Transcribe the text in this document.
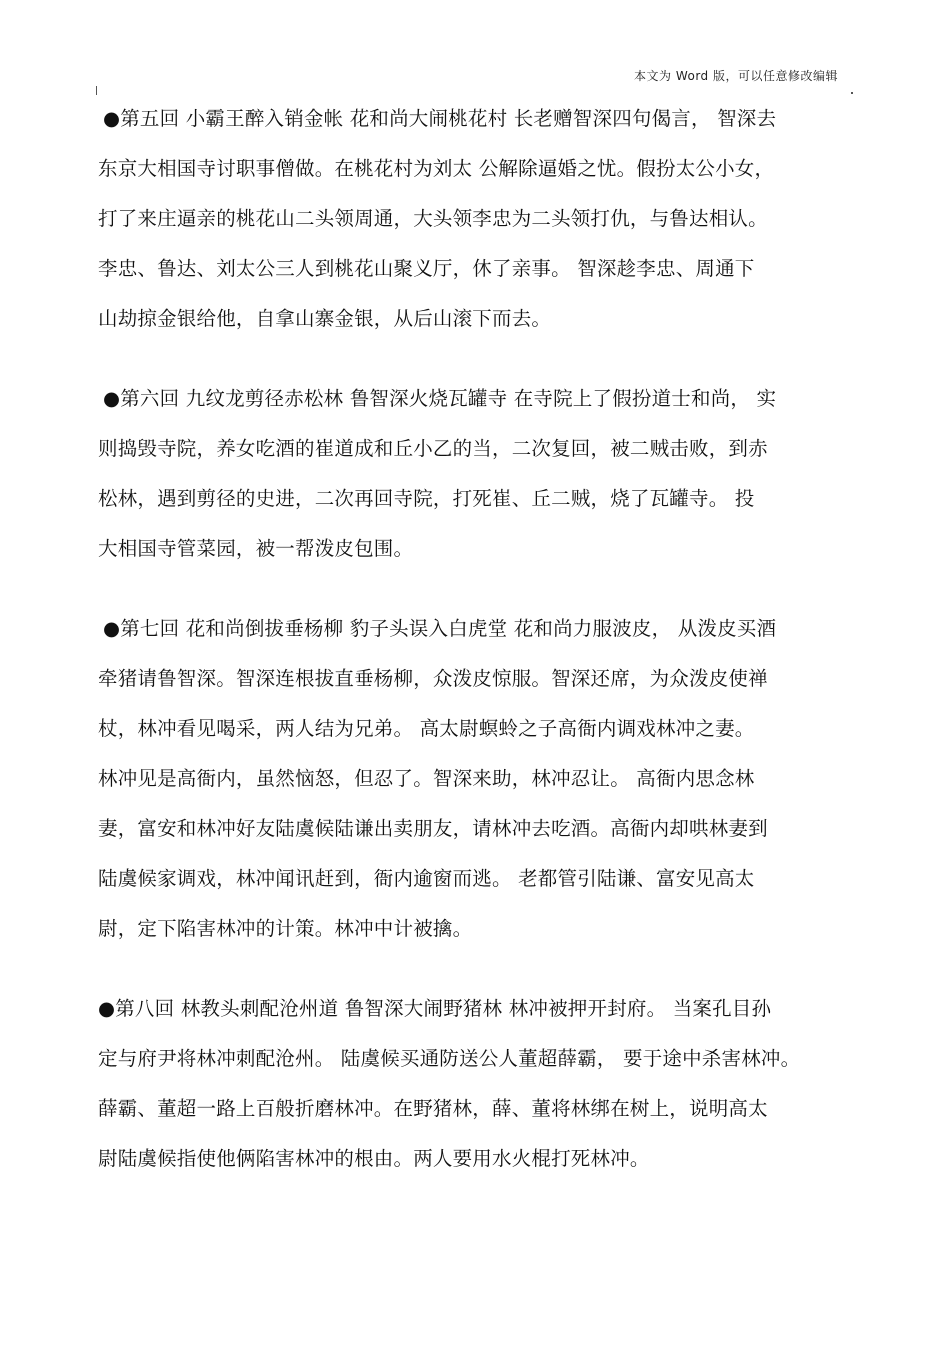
本文为 Word 版，可以任意修改编辑
●第五回 小霸王醉入销金帐 花和尚大闹桃花村 长老赠智深四句偈言， 智深去
东京大相国寺讨职事僧做。在桃花村为刘太 公解除逼婚之忧。假扮太公小女，
打了来庄逼亲的桃花山二头领周通，大头领李忠为二头领打仇，与鲁达相认。
李忠、鲁达、刘太公三人到桃花山聚义厅，休了亲事。 智深趁李忠、周通下
山劫掠金银给他，自拿山寨金银，从后山滚下而去。
●第六回 九纹龙剪径赤松林 鲁智深火烧瓦罐寺 在寺院上了假扮道士和尚， 实
则捣毁寺院，养女吃酒的崔道成和丘小乙的当，二次复回，被二贼击败，到赤
松林，遇到剪径的史进，二次再回寺院，打死崔、丘二贼，烧了瓦罐寺。 投
大相国寺管菜园，被一帮泼皮包围。
●第七回 花和尚倒拔垂杨柳 豹子头误入白虎堂 花和尚力服波皮， 从泼皮买酒
牵猪请鲁智深。智深连根拔直垂杨柳，众泼皮惊服。智深还席，为众泼皮使禅
杖，林冲看见喝采，两人结为兄弟。 高太尉螟蛉之子高衙内调戏林冲之妻。
林冲见是高衙内，虽然恼怒，但忍了。智深来助，林冲忍让。 高衙内思念林
妻，富安和林冲好友陆虞候陆谦出卖朋友，请林冲去吃酒。高衙内却哄林妻到
陆虞候家调戏，林冲闻讯赶到，衙内逾窗而逃。 老都管引陆谦、富安见高太
尉，定下陷害林冲的计策。林冲中计被擒。
●第八回 林教头刺配沧州道 鲁智深大闹野猪林 林冲被押开封府。 当案孔目孙
定与府尹将林冲刺配沧州。 陆虞候买通防送公人董超薛霸， 要于途中杀害林冲。
薛霸、董超一路上百般折磨林冲。在野猪林，薛、董将林绑在树上，说明高太
尉陆虞候指使他俩陷害林冲的根由。两人要用水火棍打死林冲。
